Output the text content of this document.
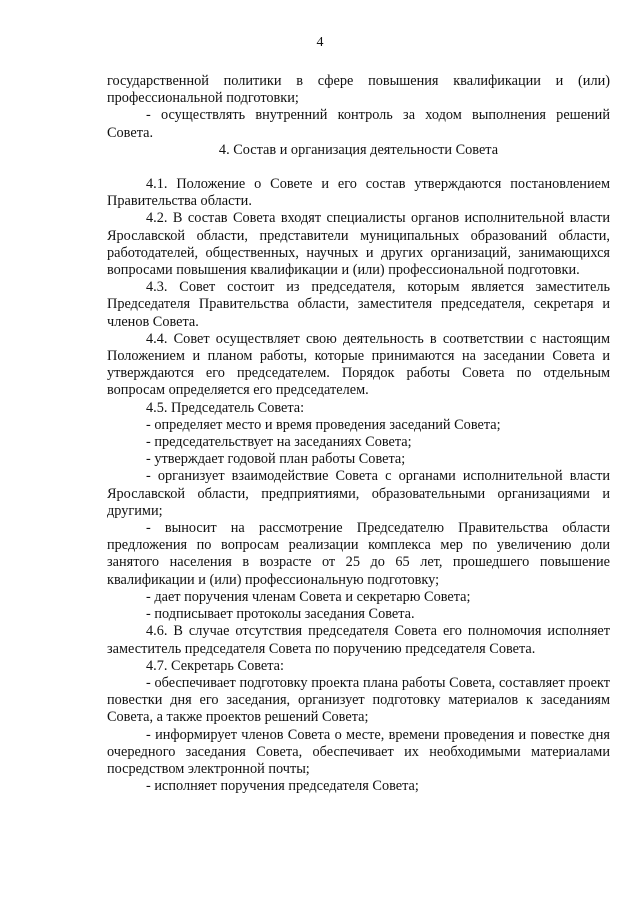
4
государственной политики в сфере повышения квалификации и (или) профессиональной подготовки;
- осуществлять внутренний контроль за ходом выполнения решений Совета.
4. Состав и организация деятельности Совета
4.1. Положение о Совете и его состав утверждаются постановлением Правительства области.
4.2. В состав Совета входят специалисты органов исполнительной власти Ярославской области, представители муниципальных образований области, работодателей, общественных, научных и других организаций, занимающихся вопросами повышения квалификации и (или) профессиональной подготовки.
4.3. Совет состоит из председателя, которым является заместитель Председателя Правительства области, заместителя председателя, секретаря и членов Совета.
4.4. Совет осуществляет свою деятельность в соответствии с настоящим Положением и планом работы, которые принимаются на заседании Совета и утверждаются его председателем. Порядок работы Совета по отдельным вопросам определяется его председателем.
4.5. Председатель Совета:
- определяет место и время проведения заседаний Совета;
- председательствует на заседаниях Совета;
- утверждает годовой план работы Совета;
- организует взаимодействие Совета с органами исполнительной власти Ярославской области, предприятиями, образовательными организациями и другими;
- выносит на рассмотрение Председателю Правительства области предложения по вопросам реализации комплекса мер по увеличению доли занятого населения в возрасте от 25 до 65 лет, прошедшего повышение квалификации и (или) профессиональную подготовку;
- дает поручения членам Совета и секретарю Совета;
- подписывает протоколы заседания Совета.
4.6. В случае отсутствия председателя Совета его полномочия исполняет заместитель председателя Совета по поручению председателя Совета.
4.7. Секретарь Совета:
- обеспечивает подготовку проекта плана работы Совета, составляет проект повестки дня его заседания, организует подготовку материалов к заседаниям Совета, а также проектов решений Совета;
- информирует членов Совета о месте, времени проведения и повестке дня очередного заседания Совета, обеспечивает их необходимыми материалами посредством электронной почты;
- исполняет поручения председателя Совета;
